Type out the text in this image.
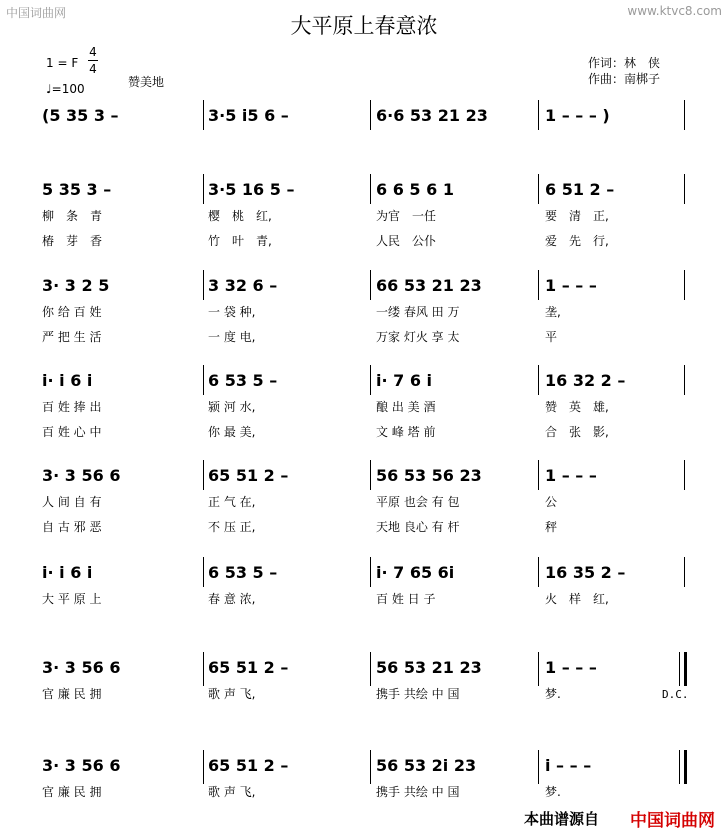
中国词曲网	www.ktvc8.com
大平原上春意浓
1 = F
4
4
♩=100	赞美地
作词：林　侠
作曲：南梆子
(5 35 3 –	3·5 i5 6 –	6·6 53 21 23	1 – – – )
5 35 3 –	3·5 16 5 –	6 6 5 6 1	6 51 2 –
柳　条　青	樱　桃　红,	为官　一任	要　清　正,
椿　芽　香	竹　叶　青,	人民　公仆	爱　先　行,
3· 3 2 5	3 32 6 –	66 53 21 23	1 – – –
你 给 百 姓	一 袋 种,	一缕 春风 田 万	垄,
严 把 生 活	一 度 电,	万家 灯火 享 太	平
i· i 6 i	6 53 5 –	i· 7 6 i	16 32 2 –
百 姓 捧 出	颍 河 水,	酿 出 美 酒	赞　英　雄,
百 姓 心 中	你 最 美,	文 峰 塔 前	合　张　影,
3· 3 56 6	65 51 2 –	56 53 56 23	1 – – –
人 间 自 有	正 气 在,	平原 也会 有 包	公
自 古 邪 恶	不 压 正,	天地 良心 有 杆	秤
i· i 6 i	6 53 5 –	i· 7 65 6i	16 35 2 –
大 平 原 上	春 意 浓,	百 姓 日 子	火　样　红,
3· 3 56 6	65 51 2 –	56 53 21 23	1 – – –
官 廉 民 拥	歌 声 飞,	携手 共绘 中 国	梦.	D.C.
3· 3 56 6	65 51 2 –	56 53 2i 23	i – – –
官 廉 民 拥	歌 声 飞,	携手 共绘 中 国	梦.
本曲谱源自 中国词曲网
